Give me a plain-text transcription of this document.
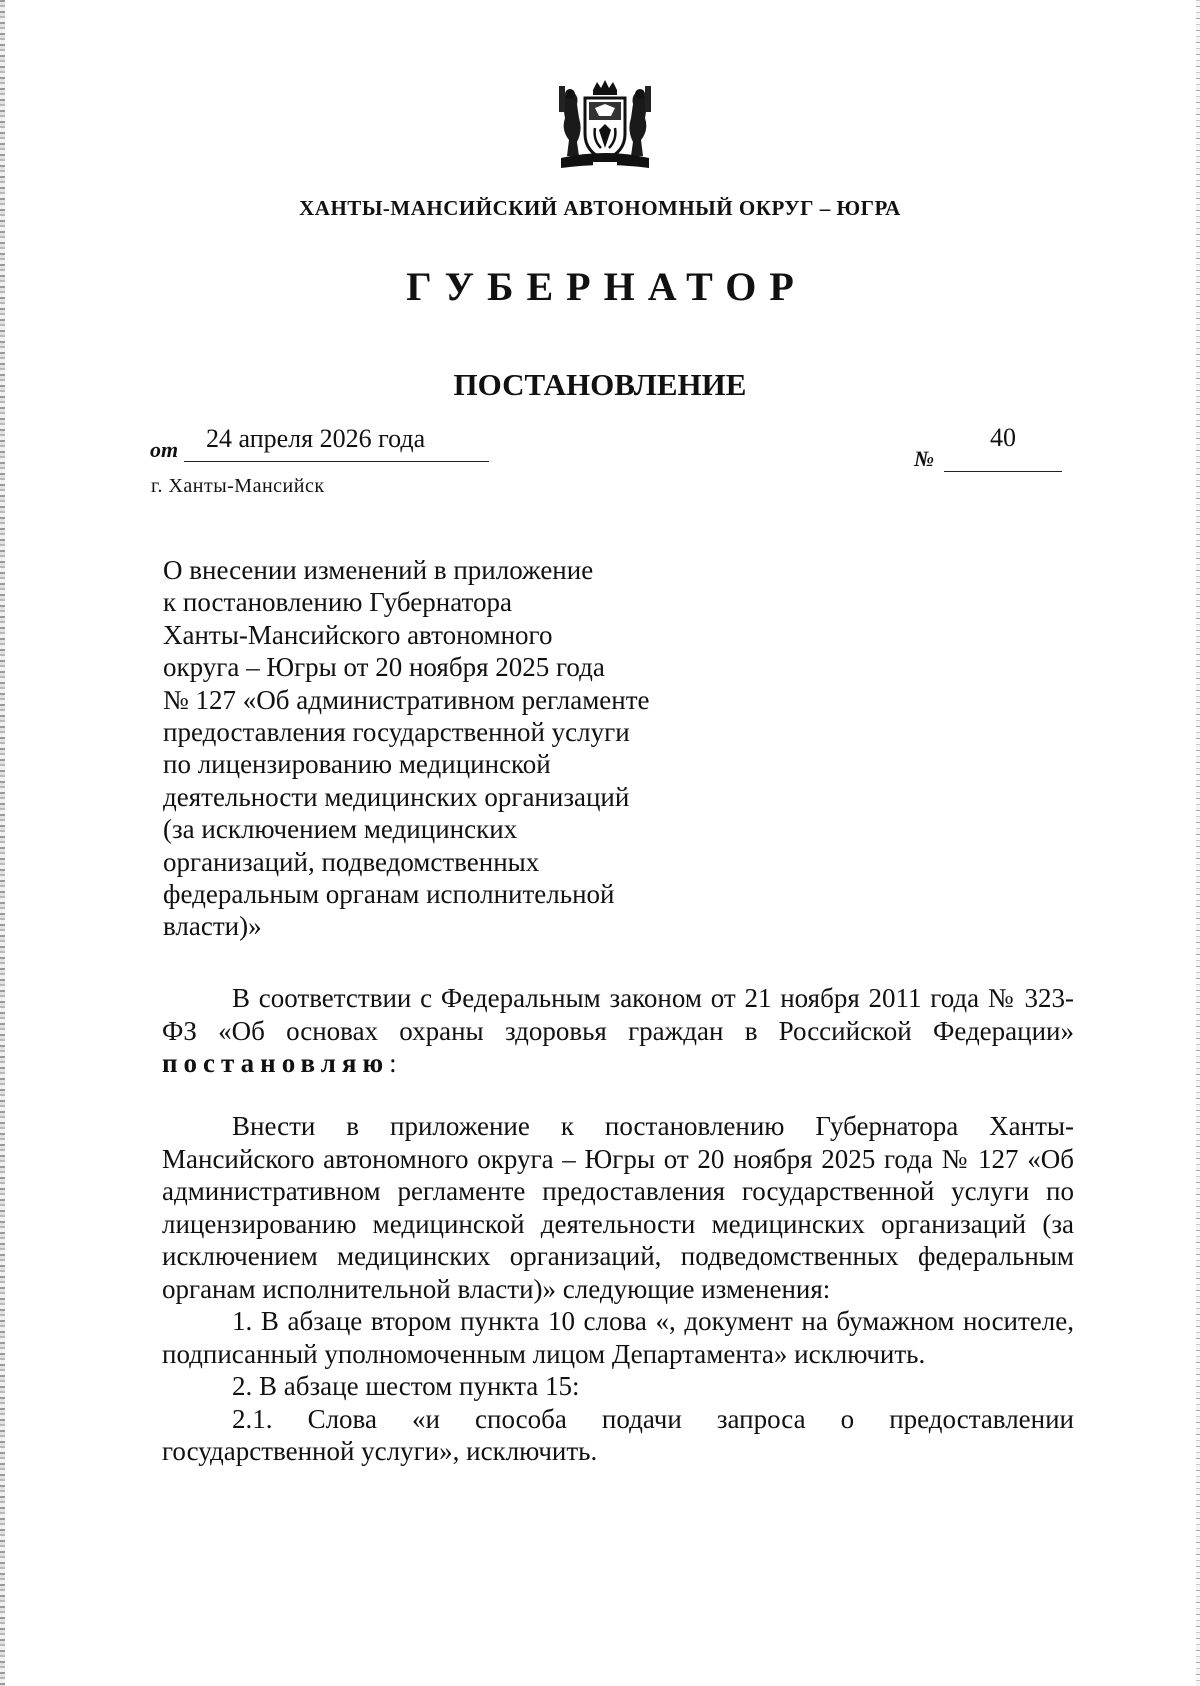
ХАНТЫ-МАНСИЙСКИЙ АВТОНОМНЫЙ ОКРУГ – ЮГРА
ГУБЕРНАТОР
ПОСТАНОВЛЕНИЕ
от 24 апреля 2026 года
№
40
г. Ханты-Мансийск
О внесении изменений в приложение
к постановлению Губернатора
Ханты-Мансийского автономного
округа – Югры от 20 ноября 2025 года
№ 127 «Об административном регламенте
предоставления государственной услуги
по лицензированию медицинской
деятельности медицинских организаций
(за исключением медицинских
организаций, подведомственных
федеральным органам исполнительной
власти)»

В соответствии с Федеральным законом от 21 ноября 2011 года № 323-ФЗ «Об основах охраны здоровья граждан в Российской Федерации» постановляю:

Внести в приложение к постановлению Губернатора Ханты-Мансийского автономного округа – Югры от 20 ноября 2025 года № 127 «Об административном регламенте предоставления государственной услуги по лицензированию медицинской деятельности медицинских организаций (за исключением медицинских организаций, подведомственных федеральным органам исполнительной власти)» следующие изменения:

1. В абзаце втором пункта 10 слова «, документ на бумажном носителе, подписанный уполномоченным лицом Департамента» исключить.

2. В абзаце шестом пункта 15:

2.1. Слова «и способа подачи запроса о предоставлении государственной услуги», исключить.
